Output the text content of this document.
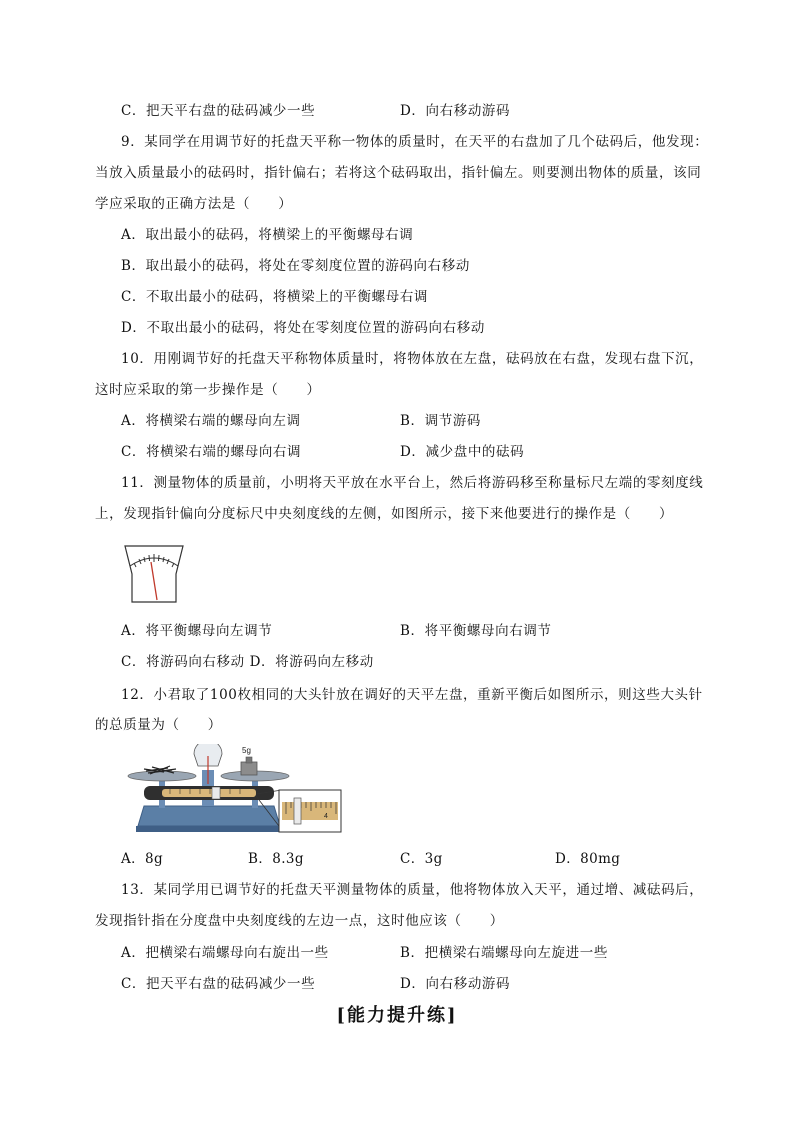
C．把天平右盘的砝码减少一些	D．向右移动游码
9．某同学在用调节好的托盘天平称一物体的质量时，在天平的右盘加了几个砝码后，他发现：
当放入质量最小的砝码时，指针偏右；若将这个砝码取出，指针偏左。则要测出物体的质量，该同
学应采取的正确方法是（　　）
A．取出最小的砝码，将横梁上的平衡螺母右调
B．取出最小的砝码，将处在零刻度位置的游码向右移动
C．不取出最小的砝码，将横梁上的平衡螺母右调
D．不取出最小的砝码，将处在零刻度位置的游码向右移动
10．用刚调节好的托盘天平称物体质量时，将物体放在左盘，砝码放在右盘，发现右盘下沉，
这时应采取的第一步操作是（　　）
A．将横梁右端的螺母向左调	B．调节游码
C．将横梁右端的螺母向右调	D．减少盘中的砝码
11．测量物体的质量前，小明将天平放在水平台上，然后将游码移至称量标尺左端的零刻度线
上，发现指针偏向分度标尺中央刻度线的左侧，如图所示，接下来他要进行的操作是（　　）
A．将平衡螺母向左调节	B．将平衡螺母向右调节
C．将游码向右移动 D．将游码向左移动
12．小君取了100枚相同的大头针放在调好的天平左盘，重新平衡后如图所示，则这些大头针
的总质量为（　　）
5g
4
A．8g	B．8.3g	C．3g	D．80mg
13．某同学用已调节好的托盘天平测量物体的质量，他将物体放入天平，通过增、减砝码后，
发现指针指在分度盘中央刻度线的左边一点，这时他应该（　　）
A．把横梁右端螺母向右旋出一些	B．把横梁右端螺母向左旋进一些
C．把天平右盘的砝码减少一些	D．向右移动游码
[能力提升练]
